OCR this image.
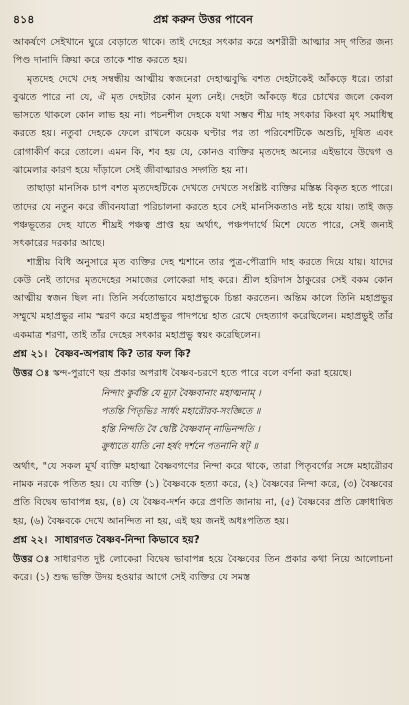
৪১৪	প্রশ্ন করুন উত্তর পাবেন

আকর্ষণে সেইখানে ঘুরে বেড়াতে থাকে। তাই দেহের সৎকার করে অশরীরী আত্মার সদ্ গতির জন্য পিণ্ড দানাদি ক্রিয়া করে তাকে শান্ত করতে হয়।

মৃতদেহ দেখে দেহ সম্বন্ধীয় আত্মীয় স্বজনেরা দেহাত্মবুদ্ধি বশত দেহটাকেই আঁকড়ে ধরে। তারা বুঝতে পারে না যে, ঐ মৃত দেহটার কোন মূল্য নেই। দেহটা আঁকড়ে ধরে চোখের জলে কেবল ভাসতে থাকলে কোন লাভ হয় না। পচনশীল দেহকে যথা সম্ভব শীঘ্র দাহ সৎকার কিংবা মৃৎ সমাধিস্থ করতে হয়। নতুবা দেহকে ফেলে রাখলে কয়েক ঘণ্টার পর তা পরিবেশটিকে অশুচি, দূষিত এবং রোগাকীর্ণ করে তোলে। এমন কি, শব হয় যে, কোনও ব্যক্তির মৃতদেহ অন্যের এইভাবে উদ্বেগ ও ঝামেলার কারণ হয়ে দাঁড়ালে সেই জীবাত্মারও সদ্গতি হয় না।

তাছাড়া মানসিক চাপ বশত মৃতদেহটিকে দেখতে দেখতে সংশ্লিষ্ট ব্যক্তির মস্তিষ্ক বিকৃত হতে পারে। তাদের যে নতুন করে জীবনযাত্রা পরিচালনা করতে হবে সেই মানসিকতাও নষ্ট হয়ে যায়। তাই জড় পঞ্চভূতের দেহ যাতে শীঘ্রই পঞ্চত্ব প্রাপ্ত হয় অর্থাৎ, পঞ্চপদার্থে মিশে যেতে পারে, সেই জন্যই সৎকারের দরকার আছে।

শাস্ত্রীয় বিধি অনুসারে মৃত ব্যক্তির দেহ শ্মশানে তার পুত্র-পৌত্রাদি দাহ করতে দিয়ে যায়। যাদের কেউ নেই তাদের মৃতদেহের সমাজের লোকেরা দাহ করে। শ্রীল হরিদাস ঠাকুরের সেই বকম কোন আত্মীয় স্বজন ছিল না। তিনি সর্বতোভাবে মহাপ্রভুকে চিন্তা করতেন। অন্তিম কালে তিনি মহাপ্রভুর সম্মুখে মহাপ্রভুর নাম স্মরণ করে মহাপ্রভুর পাদপদ্মে হাত রেখে দেহত্যাগ করেছিলেন। মহাপ্রভুই তাঁর একমাত্র শরণা, তাই তাঁর দেহের সৎকার মহাপ্রভু স্বয়ং করেছিলেন।

প্রশ্ন ২১। বৈষ্ণব-অপরাধ কি? তার ফল কি?

উত্তর ঃ স্কন্দ-পুরাণে ছয় প্রকার অপরাধ বৈষ্ণব-চরণে হতে পারে বলে বর্ণনা করা হয়েছে।

নিন্দাং কুর্বন্তি যে মূঢ়া বৈষ্ণবানাং মহাত্মনাম্ ।
পতন্তি পিতৃভিঃ সার্ধং মহারৌরব-সংজ্ঞিতে ॥
হন্তি নিন্দতি বৈ দ্বেষ্টি বৈষ্ণবান্ নাভিনন্দতি ।
ক্রুধ্যতে যাতি নো হর্ষং দর্শনে পতনানি ষট্ ॥

অর্থাৎ, "যে সকল মূর্খ ব্যক্তি মহাত্মা বৈষ্ণবগণের নিন্দা করে থাকে, তারা পিতৃবর্গের সঙ্গে মহারৌরব নামক নরকে পতিত হয়। যে ব্যক্তি (১) বৈষ্ণবকে হত্যা করে, (২) বৈষ্ণবের নিন্দা করে, (৩) বৈষ্ণবের প্রতি বিদ্বেষ ভাবাপন্ন হয়, (৪) যে বৈষ্ণব-দর্শন করে প্রণতি জানায় না, (৫) বৈষ্ণবের প্রতি ক্রোধান্বিত হয়, (৬) বৈষ্ণবকে দেখে আনন্দিত না হয়, এই ছয় জনই অধঃপতিত হয়।

প্রশ্ন ২২। সাধারণত বৈষ্ণব-নিন্দা কিভাবে হয়?

উত্তর ঃ সাধারণত দুষ্ট লোকেরা বিদ্বেষ ভাবাপন্ন হয়ে বৈষ্ণবের তিন প্রকার কথা নিয়ে আলোচনা করে। (১) শুদ্ধ ভক্তি উদয় হওয়ার আগে সেই ব্যক্তির যে সমস্ত
